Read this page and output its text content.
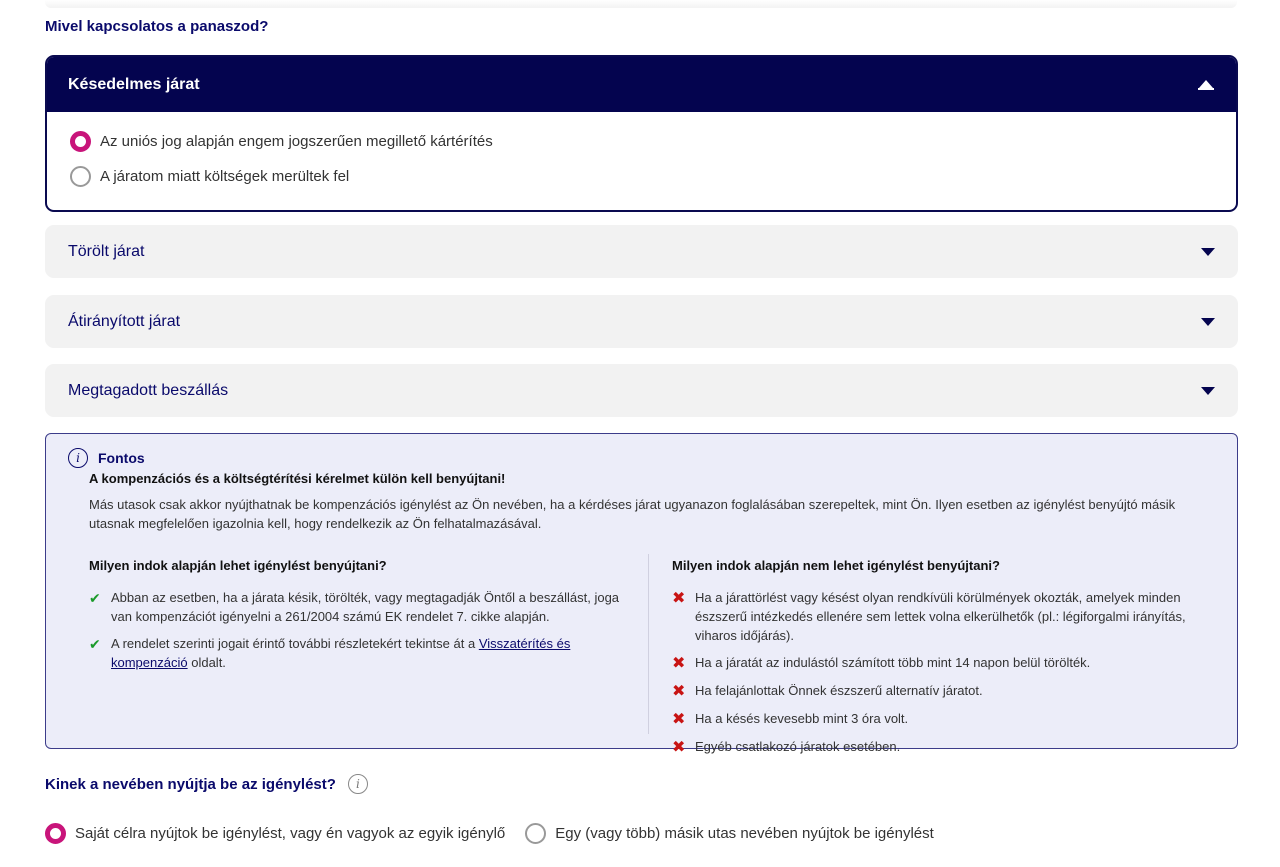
Mivel kapcsolatos a panaszod?
Késedelmes járat
Az uniós jog alapján engem jogszerűen megillető kártérítés
A járatom miatt költségek merültek fel
Törölt járat
Átirányított járat
Megtagadott beszállás
i	Fontos
A kompenzációs és a költségtérítési kérelmet külön kell benyújtani!
Más utasok csak akkor nyújthatnak be kompenzációs igénylést az Ön nevében, ha a kérdéses járat ugyanazon foglalásában szerepeltek, mint Ön. Ilyen esetben az igénylést benyújtó másik utasnak megfelelően igazolnia kell, hogy rendelkezik az Ön felhatalmazásával.
Milyen indok alapján lehet igénylést benyújtani?
✔ Abban az esetben, ha a járata késik, törölték, vagy megtagadják Öntől a beszállást, joga van kompenzációt igényelni a 261/2004 számú EK rendelet 7. cikke alapján.
✔ A rendelet szerinti jogait érintő további részletekért tekintse át a Visszatérítés és kompenzáció oldalt.
Milyen indok alapján nem lehet igénylést benyújtani?
✖ Ha a járattörlést vagy késést olyan rendkívüli körülmények okozták, amelyek minden észszerű intézkedés ellenére sem lettek volna elkerülhetők (pl.: légiforgalmi irányítás, viharos időjárás).
✖ Ha a járatát az indulástól számított több mint 14 napon belül törölték.
✖ Ha felajánlottak Önnek észszerű alternatív járatot.
✖ Ha a késés kevesebb mint 3 óra volt.
✖ Egyéb csatlakozó járatok esetében.
Kinek a nevében nyújtja be az igénylést?	i
Saját célra nyújtok be igénylést, vagy én vagyok az egyik igénylő	Egy (vagy több) másik utas nevében nyújtok be igénylést
